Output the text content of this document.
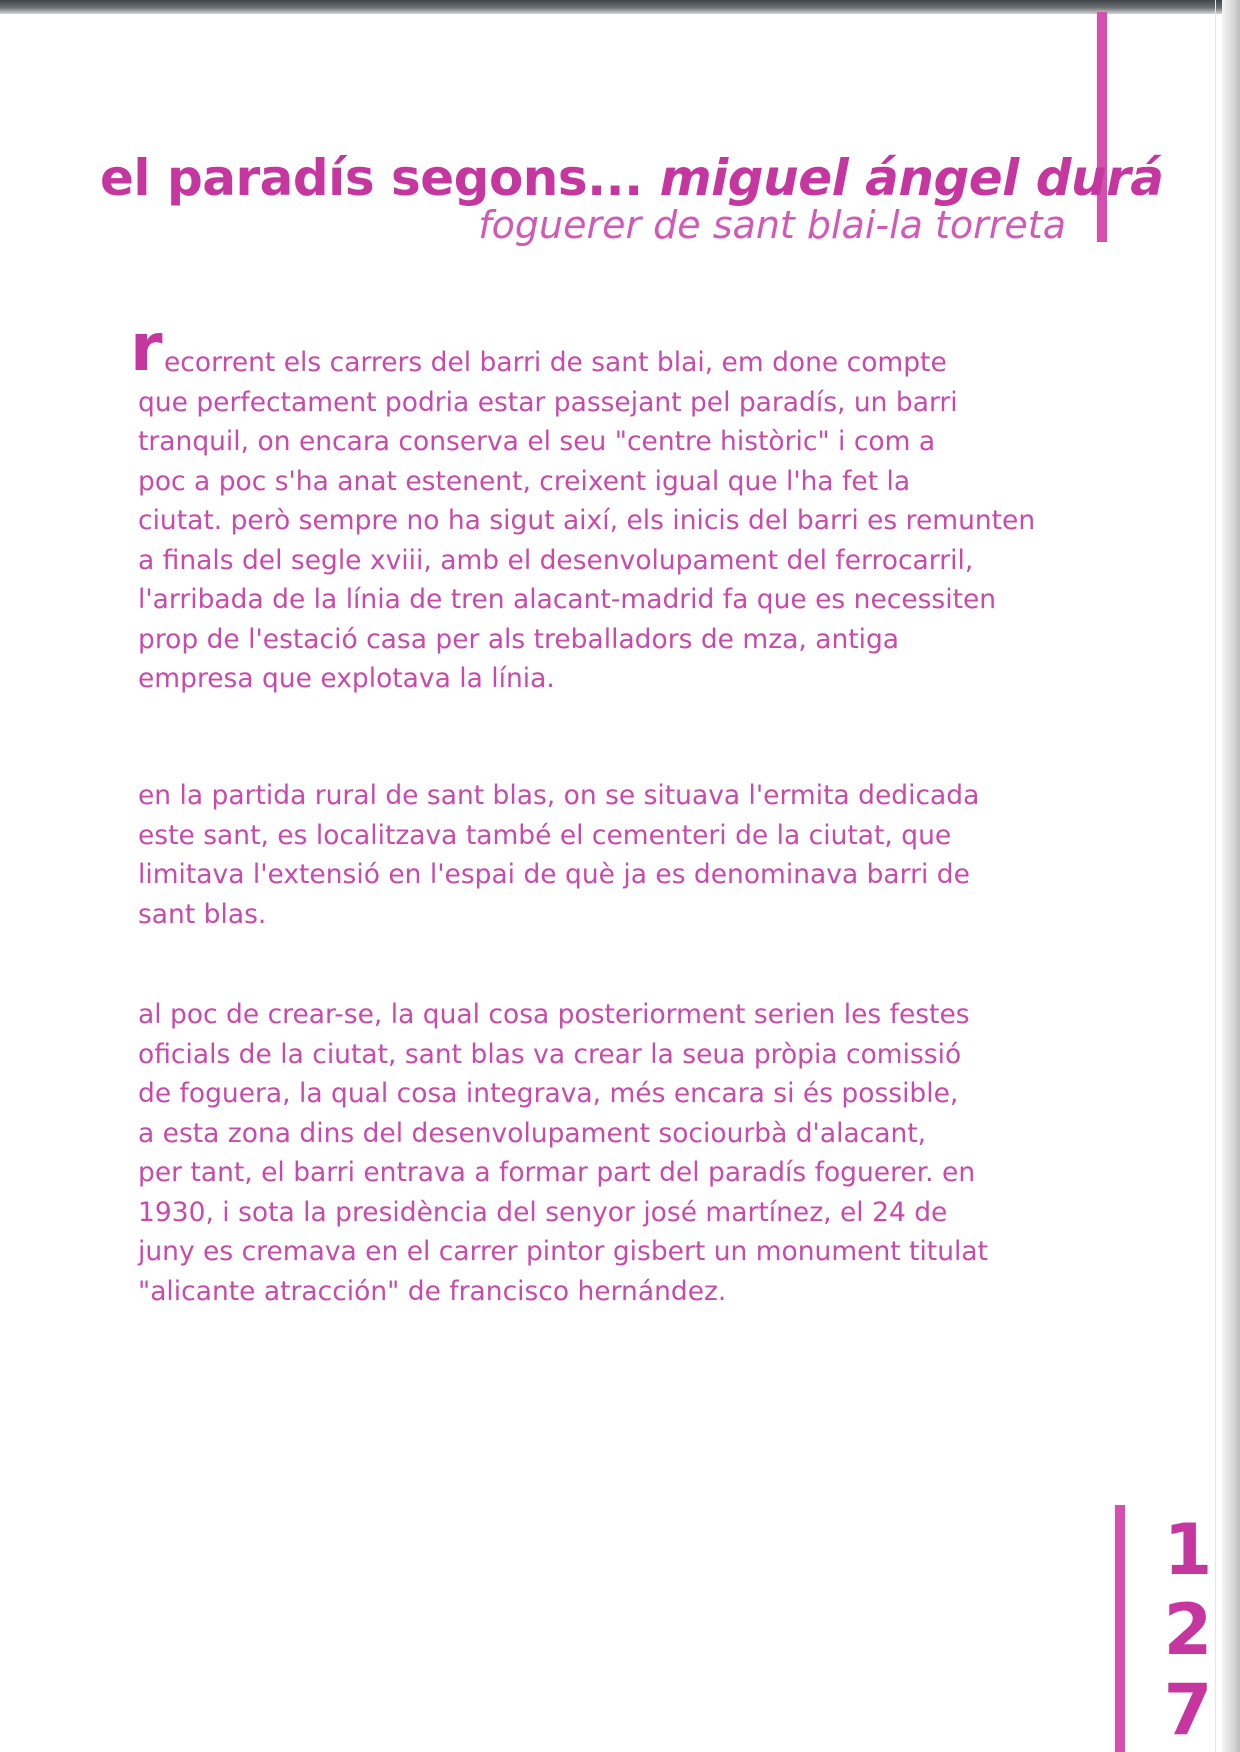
el paradís segons... miguel ángel durá
foguerer de sant blai-la torreta
r ecorrent els carrers del barri de sant blai, em done compte
que perfectament podria estar passejant pel paradís, un barri
tranquil, on encara conserva el seu "centre històric" i com a
poc a poc s'ha anat estenent, creixent igual que l'ha fet la
ciutat. però sempre no ha sigut així, els inicis del barri es remunten
a finals del segle xviii, amb el desenvolupament del ferrocarril,
l'arribada de la línia de tren alacant-madrid fa que es necessiten
prop de l'estació casa per als treballadors de mza, antiga
empresa que explotava la línia.
en la partida rural de sant blas, on se situava l'ermita dedicada
este sant, es localitzava també el cementeri de la ciutat, que
limitava l'extensió en l'espai de què ja es denominava barri de
sant blas.
al poc de crear-se, la qual cosa posteriorment serien les festes
oficials de la ciutat, sant blas va crear la seua pròpia comissió
de foguera, la qual cosa integrava, més encara si és possible,
a esta zona dins del desenvolupament sociourbà d'alacant,
per tant, el barri entrava a formar part del paradís foguerer. en
1930, i sota la presidència del senyor josé martínez, el 24 de
juny es cremava en el carrer pintor gisbert un monument titulat
"alicante atracción" de francisco hernández.
1
2
7
